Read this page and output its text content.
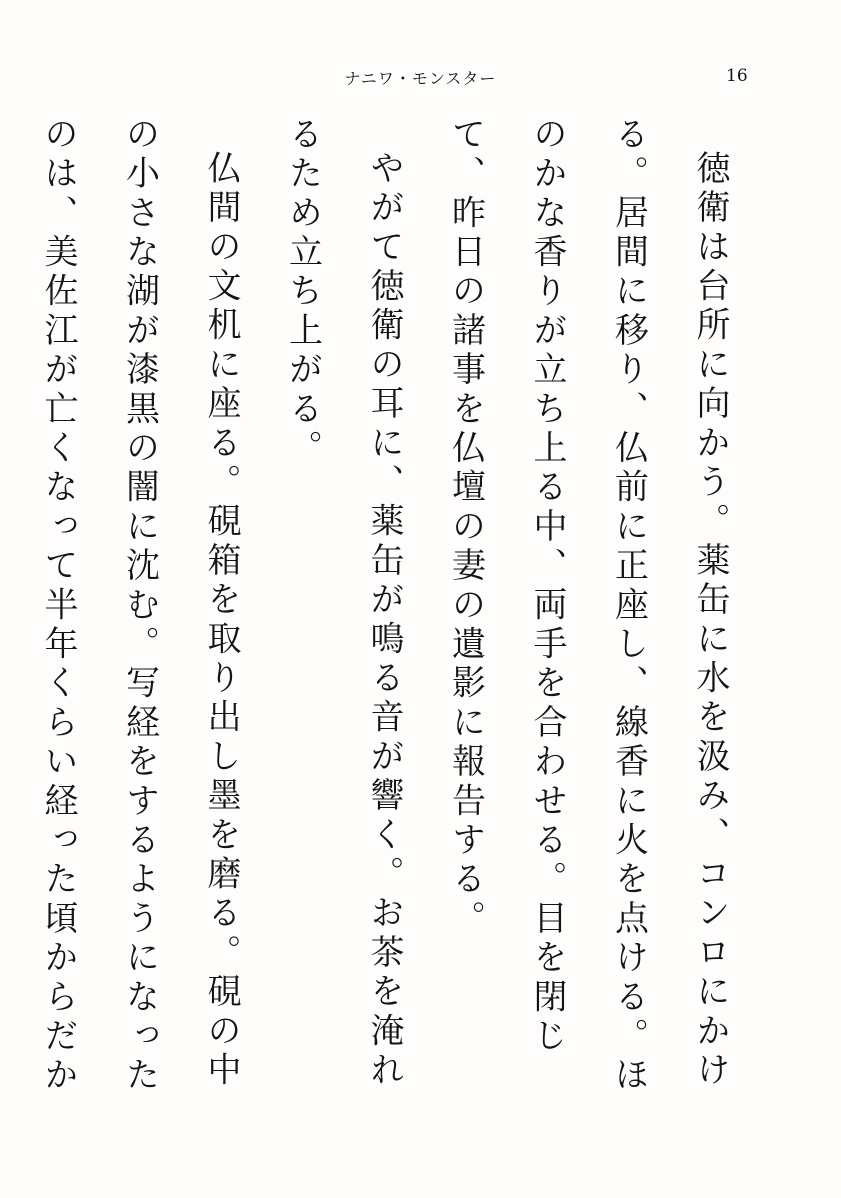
ナニワ・モンスター	16

徳衛は台所に向かう。薬缶に水を汲み、コンロにかける。居間に移り、仏前に正座し、線香に火を点ける。ほのかな香りが立ち上る中、両手を合わせる。目を閉じて、昨日の諸事を仏壇の妻の遺影に報告する。

やがて徳衛の耳に、薬缶が鳴る音が響く。お茶を淹れるため立ち上がる。

仏間の文机に座る。硯箱を取り出し墨を磨る。硯の中の小さな湖が漆黒の闇に沈む。写経をするようになったのは、美佐江が亡くなって半年くらい経った頃からだか
